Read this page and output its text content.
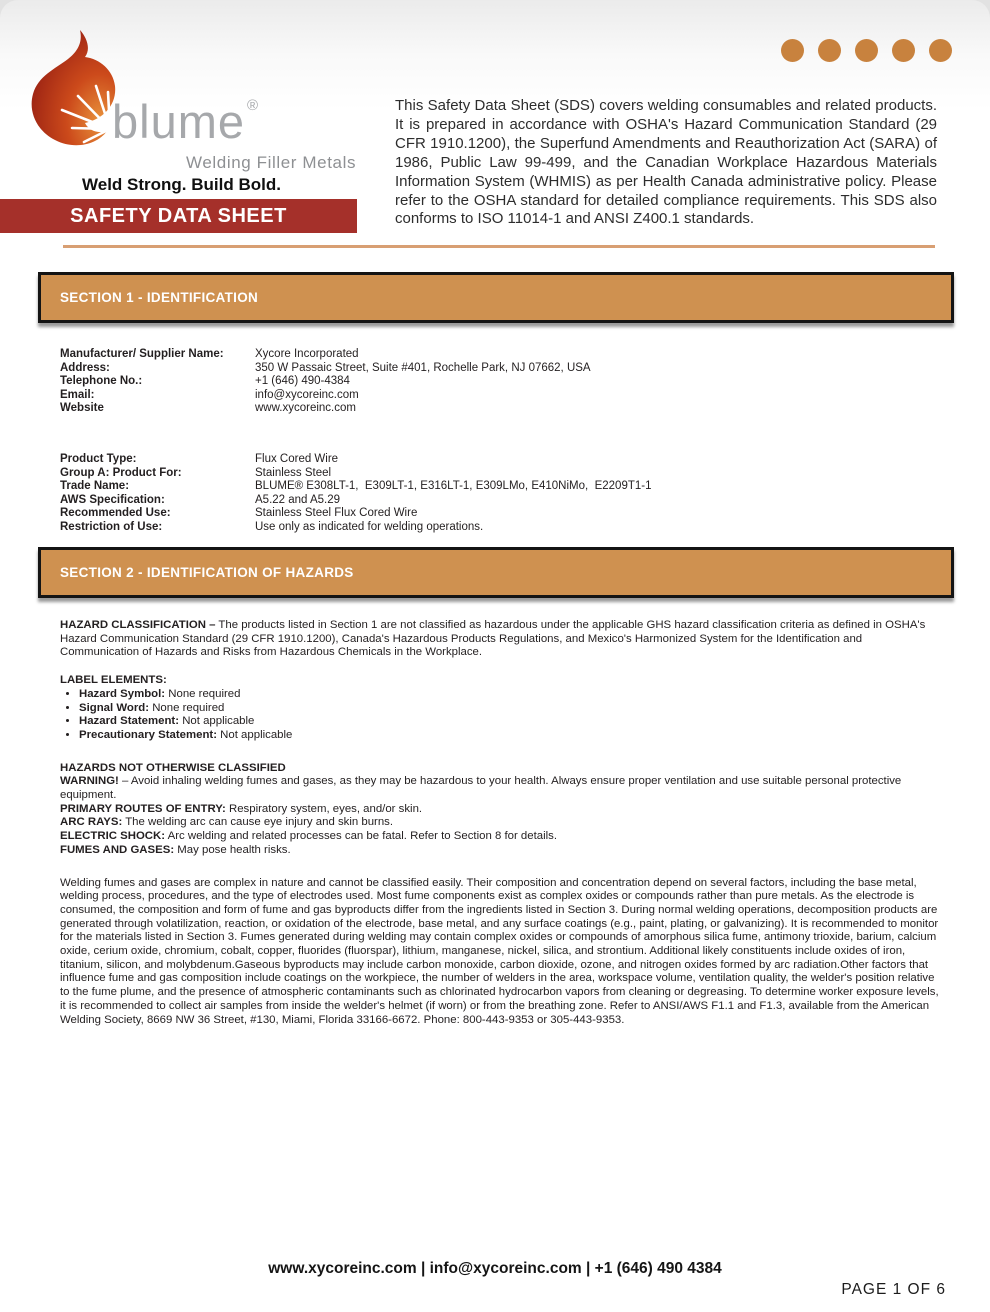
blume ®
Welding Filler Metals
Weld Strong. Build Bold.
SAFETY DATA SHEET

This Safety Data Sheet (SDS) covers welding consumables and related products. It is prepared in accordance with OSHA's Hazard Communication Standard (29 CFR 1910.1200), the Superfund Amendments and Reauthorization Act (SARA) of 1986, Public Law 99-499, and the Canadian Workplace Hazardous Materials Information System (WHMIS) as per Health Canada administrative policy. Please refer to the OSHA standard for detailed compliance requirements. This SDS also conforms to ISO 11014-1 and ANSI Z400.1 standards.

SECTION 1 - IDENTIFICATION
Manufacturer/ Supplier Name:	Xycore Incorporated
Address:	350 W Passaic Street, Suite #401, Rochelle Park, NJ 07662, USA
Telephone No.:	+1 (646) 490-4384
Email:	info@xycoreinc.com
Website	www.xycoreinc.com
Product Type:	Flux Cored Wire
Group A: Product For:	Stainless Steel
Trade Name:	BLUME® E308LT-1,  E309LT-1, E316LT-1, E309LMo, E410NiMo,  E2209T1-1
AWS Specification:	A5.22 and A5.29
Recommended Use:	Stainless Steel Flux Cored Wire
Restriction of Use:	Use only as indicated for welding operations.
SECTION 2 - IDENTIFICATION OF HAZARDS

HAZARD CLASSIFICATION – The products listed in Section 1 are not classified as hazardous under the applicable GHS hazard classification criteria as defined in OSHA's Hazard Communication Standard (29 CFR 1910.1200), Canada's Hazardous Products Regulations, and Mexico's Harmonized System for the Identification and Communication of Hazards and Risks from Hazardous Chemicals in the Workplace.

LABEL ELEMENTS:

• Hazard Symbol: None required
• Signal Word: None required
• Hazard Statement: Not applicable
• Precautionary Statement: Not applicable

HAZARDS NOT OTHERWISE CLASSIFIED

WARNING! – Avoid inhaling welding fumes and gases, as they may be hazardous to your health. Always ensure proper ventilation and use suitable personal protective equipment.

PRIMARY ROUTES OF ENTRY: Respiratory system, eyes, and/or skin.

ARC RAYS: The welding arc can cause eye injury and skin burns.

ELECTRIC SHOCK: Arc welding and related processes can be fatal. Refer to Section 8 for details.

FUMES AND GASES: May pose health risks.

Welding fumes and gases are complex in nature and cannot be classified easily. Their composition and concentration depend on several factors, including the base metal, welding process, procedures, and the type of electrodes used. Most fume components exist as complex oxides or compounds rather than pure metals. As the electrode is consumed, the composition and form of fume and gas byproducts differ from the ingredients listed in Section 3. During normal welding operations, decomposition products are generated through volatilization, reaction, or oxidation of the electrode, base metal, and any surface coatings (e.g., paint, plating, or galvanizing). It is recommended to monitor for the materials listed in Section 3. Fumes generated during welding may contain complex oxides or compounds of amorphous silica fume, antimony trioxide, barium, calcium oxide, cerium oxide, chromium, cobalt, copper, fluorides (fluorspar), lithium, manganese, nickel, silica, and strontium. Additional likely constituents include oxides of iron, titanium, silicon, and molybdenum.Gaseous byproducts may include carbon monoxide, carbon dioxide, ozone, and nitrogen oxides formed by arc radiation.Other factors that influence fume and gas composition include coatings on the workpiece, the number of welders in the area, workspace volume, ventilation quality, the welder's position relative to the fume plume, and the presence of atmospheric contaminants such as chlorinated hydrocarbon vapors from cleaning or degreasing. To determine worker exposure levels, it is recommended to collect air samples from inside the welder's helmet (if worn) or from the breathing zone. Refer to ANSI/AWS F1.1 and F1.3, available from the American Welding Society, 8669 NW 36 Street, #130, Miami, Florida 33166-6672. Phone: 800-443-9353 or 305-443-9353.

www.xycoreinc.com | info@xycoreinc.com | +1 (646) 490 4384
PAGE 1 OF 6
